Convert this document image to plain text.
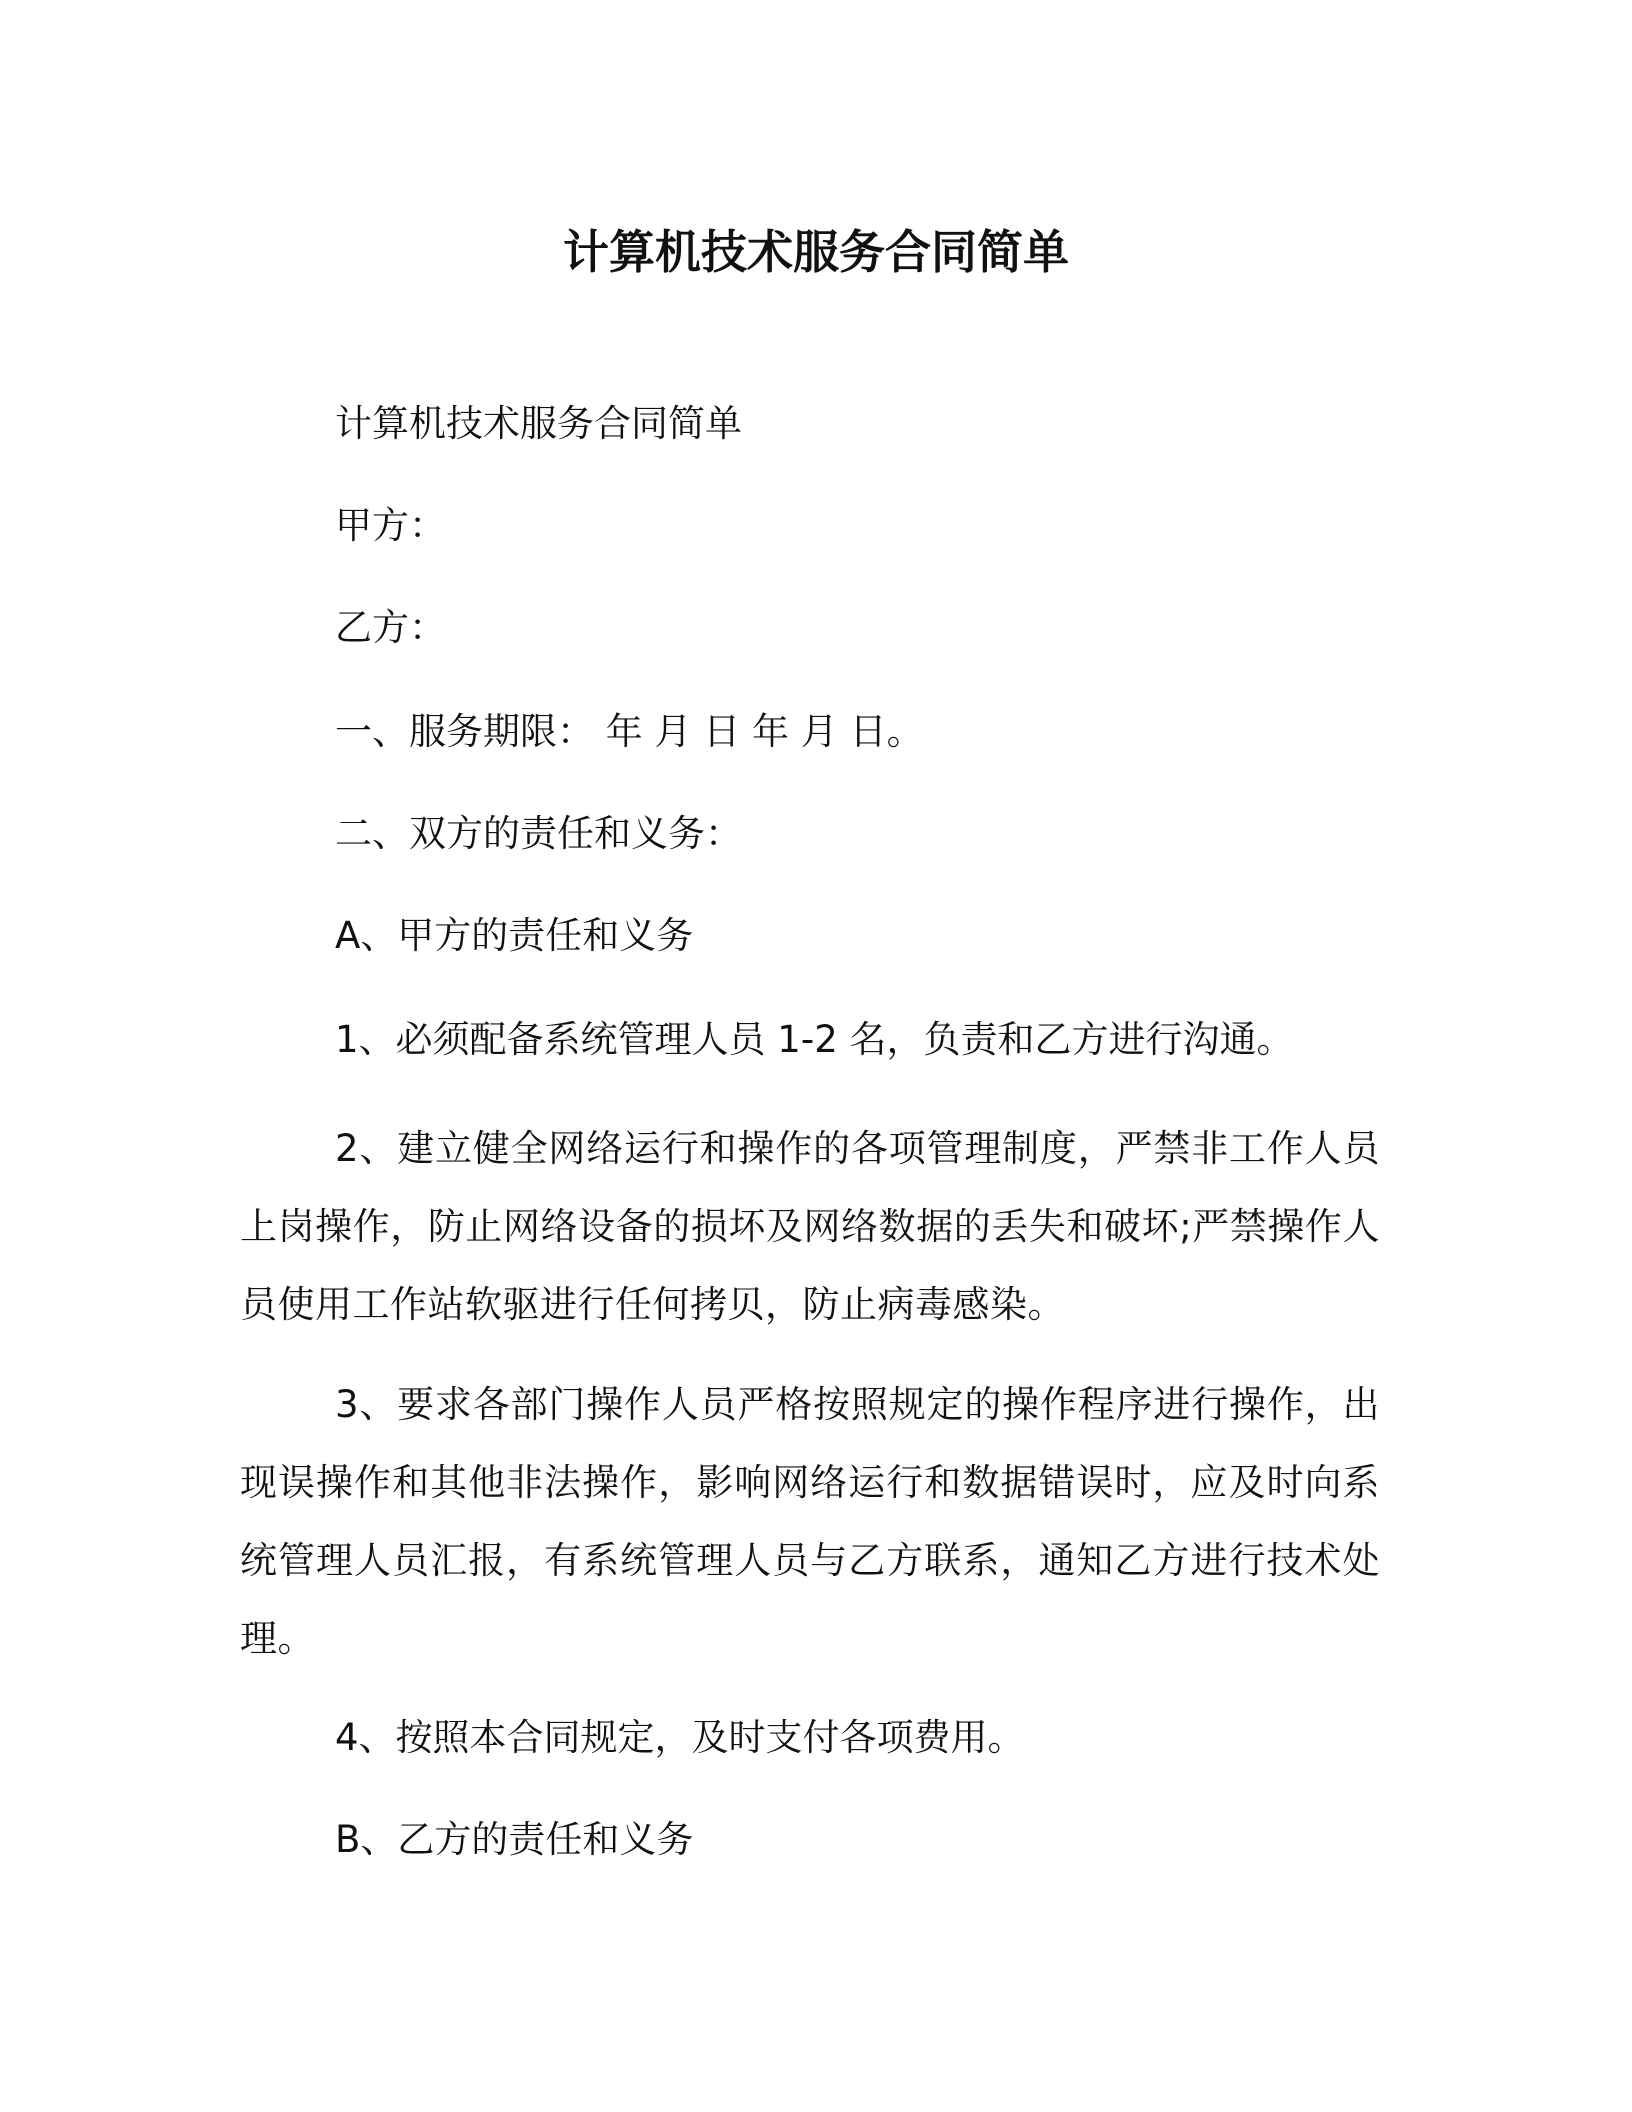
计算机技术服务合同简单
计算机技术服务合同简单
甲方：
乙方：
一、服务期限： 年 月 日 年 月 日。
二、双方的责任和义务：
A、甲方的责任和义务
1、必须配备系统管理人员 1-2 名，负责和乙方进行沟通。
2、建立健全网络运行和操作的各项管理制度，严禁非工作人员上岗操作，防止网络设备的损坏及网络数据的丢失和破坏;严禁操作人员使用工作站软驱进行任何拷贝，防止病毒感染。
3、要求各部门操作人员严格按照规定的操作程序进行操作，出现误操作和其他非法操作，影响网络运行和数据错误时，应及时向系统管理人员汇报，有系统管理人员与乙方联系，通知乙方进行技术处理。
4、按照本合同规定，及时支付各项费用。
B、乙方的责任和义务
